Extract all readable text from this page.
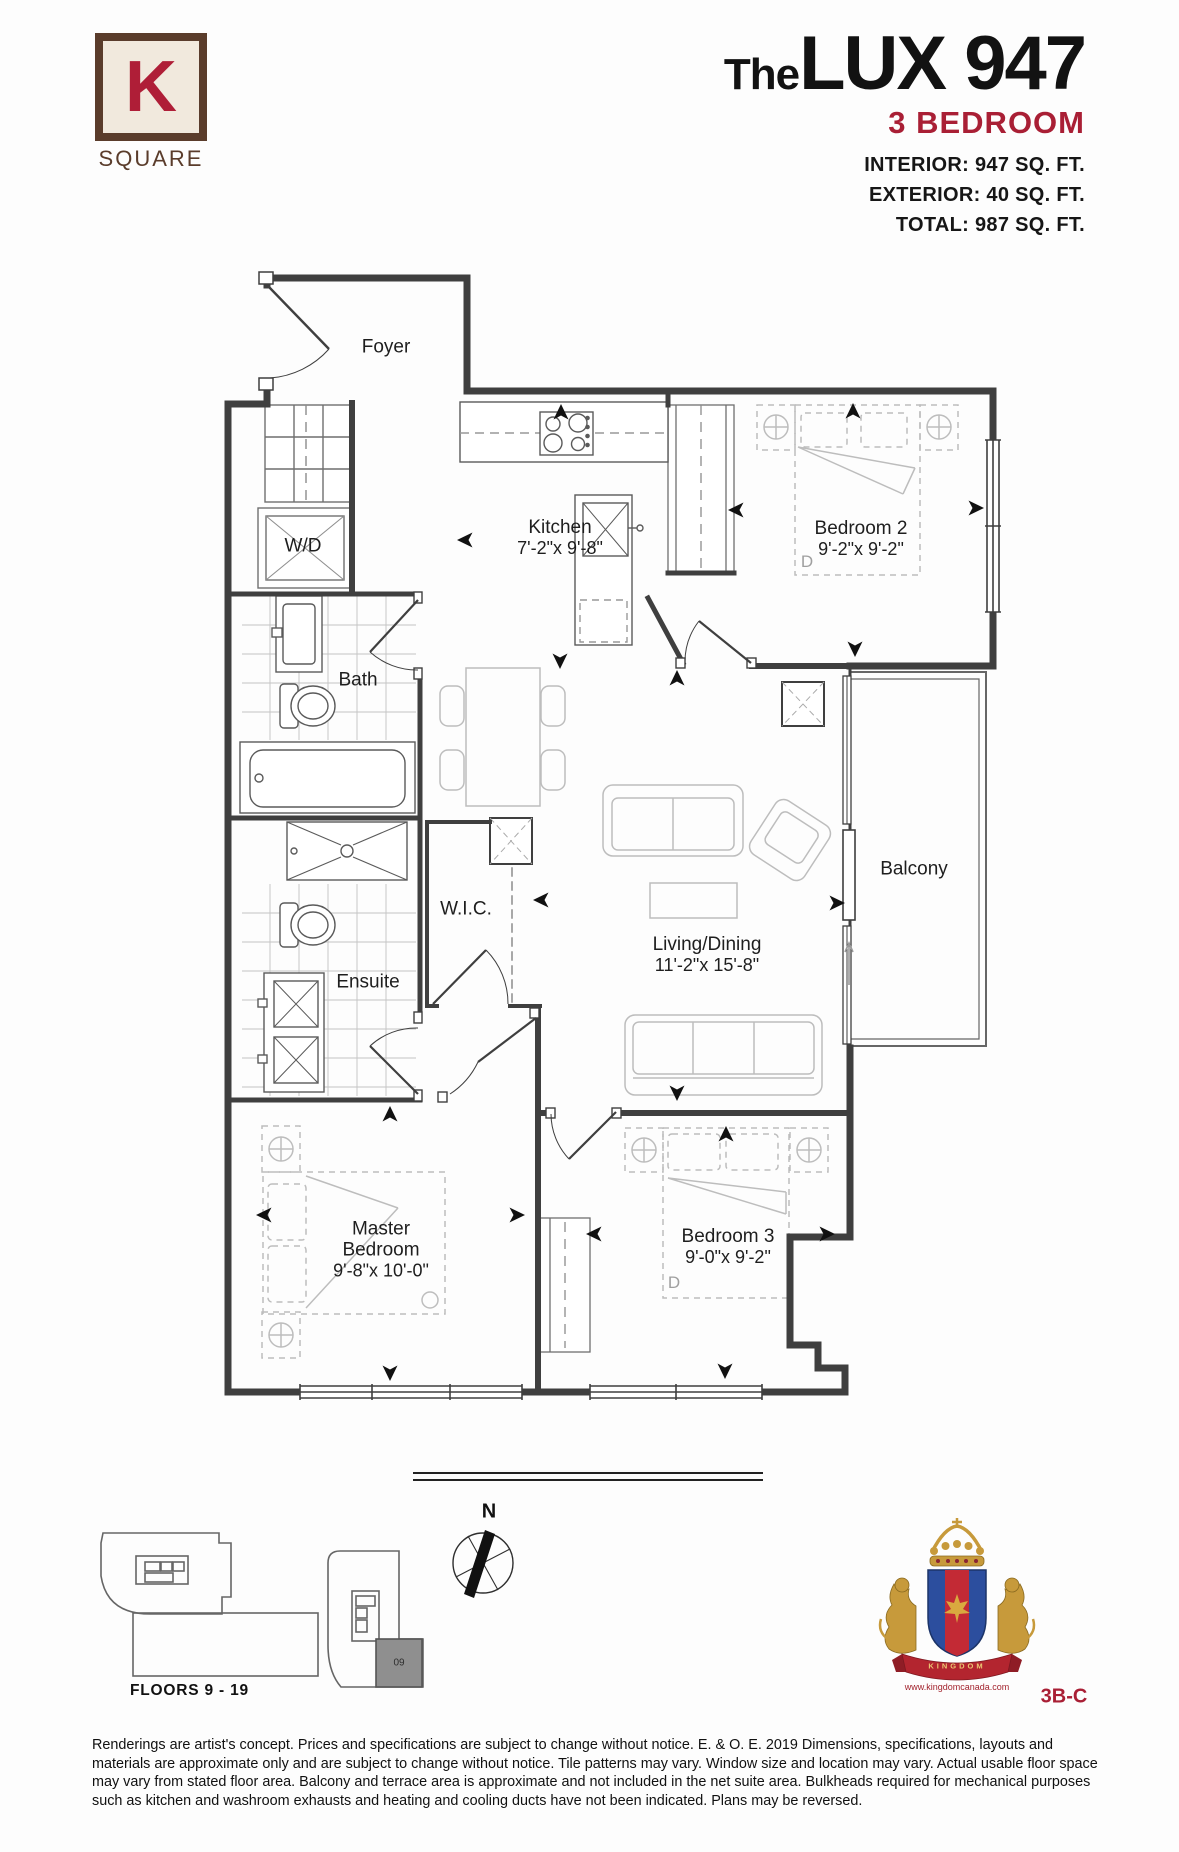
K
SQUARE
The LUX 947
3 BEDROOM
INTERIOR: 947 SQ. FT.
EXTERIOR: 40 SQ. FT.
TOTAL: 987 SQ. FT.
Foyer
W/D
Kitchen
7'-2"x 9'-8"
Bath
Ensuite
W.I.C.
Living/Dining
11'-2"x 15'-8"
Bedroom 2
9'-2"x 9'-2"
D
Bedroom 3
9'-0"x 9'-2"
D
Master
Bedroom
9'-8"x 10'-0"
Balcony
FLOORS 9 - 19
09
N
KINGDOM
www.kingdomcanada.com 3B-C
Renderings are artist's concept. Prices and specifications are subject to change without notice. E. & O. E. 2019 Dimensions, specifications, layouts and materials are approximate only and are subject to change without notice. Tile patterns may vary. Window size and location may vary. Actual usable floor space may vary from stated floor area. Balcony and terrace area is approximate and not included in the net suite area. Bulkheads required for mechanical purposes such as kitchen and washroom exhausts and heating and cooling ducts have not been indicated. Plans may be reversed.
